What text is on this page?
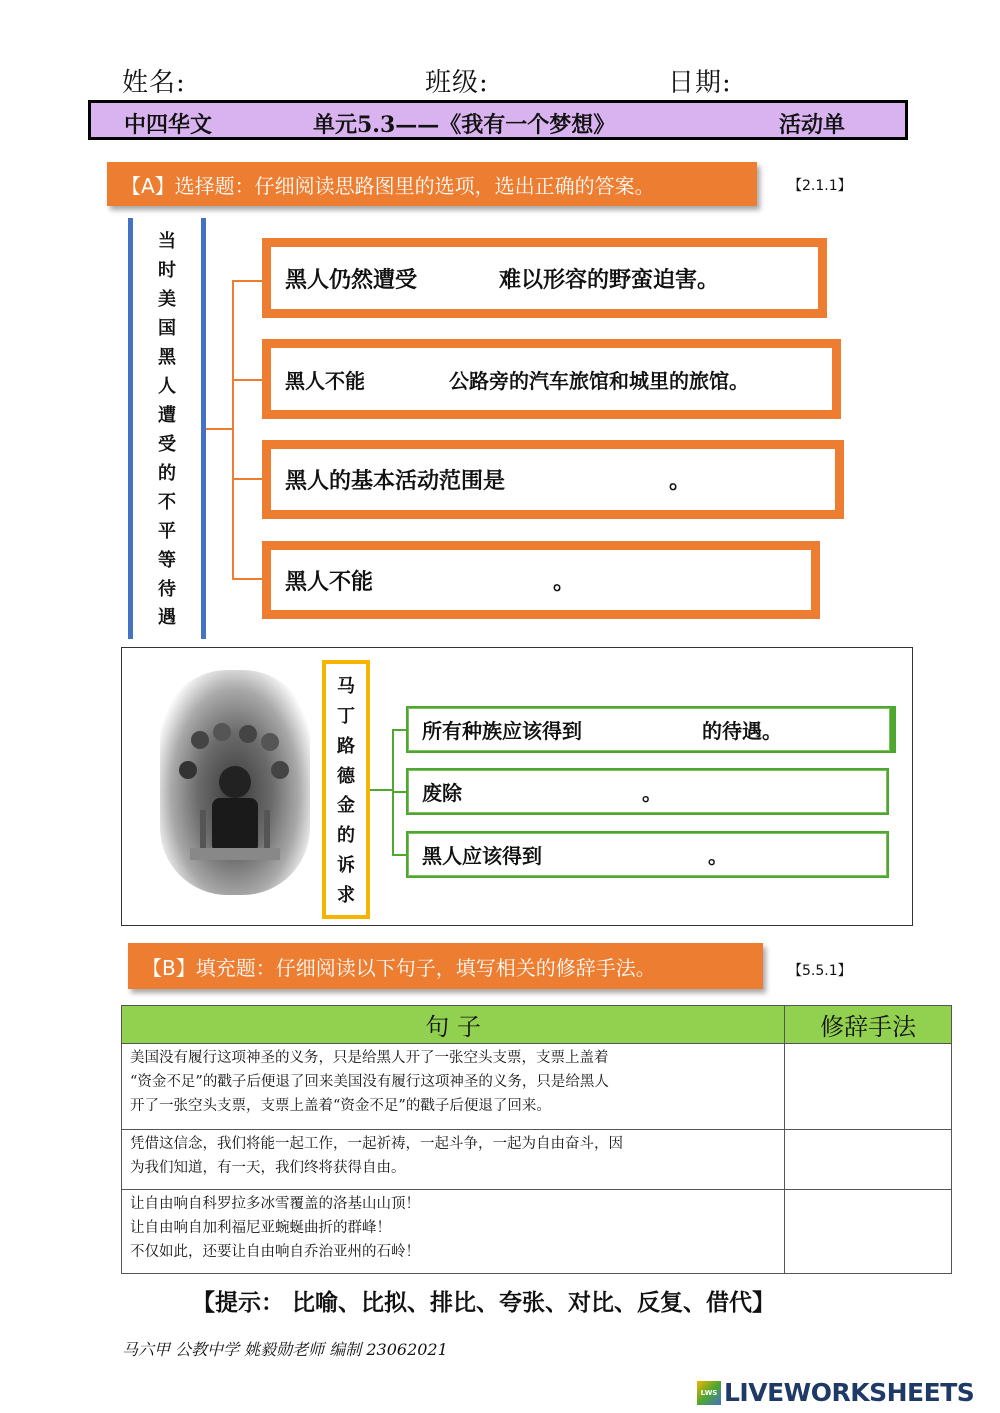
姓名:	班级:	日期:
中四华文	单元5.3——《我有一个梦想》	活动单
【A】选择题：仔细阅读思路图里的选项，选出正确的答案。	【2.1.1】
当
时
美
国
黑
人
遭
受
的
不
平
等
待
遇
黑人仍然遭受	难以形容的野蛮迫害。
黑人不能	公路旁的汽车旅馆和城里的旅馆。
黑人的基本活动范围是	。
黑人不能	。
马
丁
路
德
金
的
诉
求
所有种族应该得到	的待遇。
废除	。
黑人应该得到	。
【B】填充题：仔细阅读以下句子，填写相关的修辞手法。	【5.5.1】
句 子	修辞手法

美国没有履行这项神圣的义务，只是给黑人开了一张空头支票，支票上盖着
“资金不足”的戳子后便退了回来美国没有履行这项神圣的义务，只是给黑人
开了一张空头支票，支票上盖着“资金不足”的戳子后便退了回来。	

凭借这信念，我们将能一起工作，一起祈祷，一起斗争，一起为自由奋斗，因
为我们知道，有一天，我们终将获得自由。	

让自由响自科罗拉多冰雪覆盖的洛基山山顶！
让自由响自加利福尼亚蜿蜒曲折的群峰！
不仅如此，还要让自由响自乔治亚州的石岭！	

【提示： 比喻、比拟、排比、夸张、对比、反复、借代】
马六甲 公教中学 姚毅勋老师 编制 23062021
LWS LIVEWORKSHEETS
